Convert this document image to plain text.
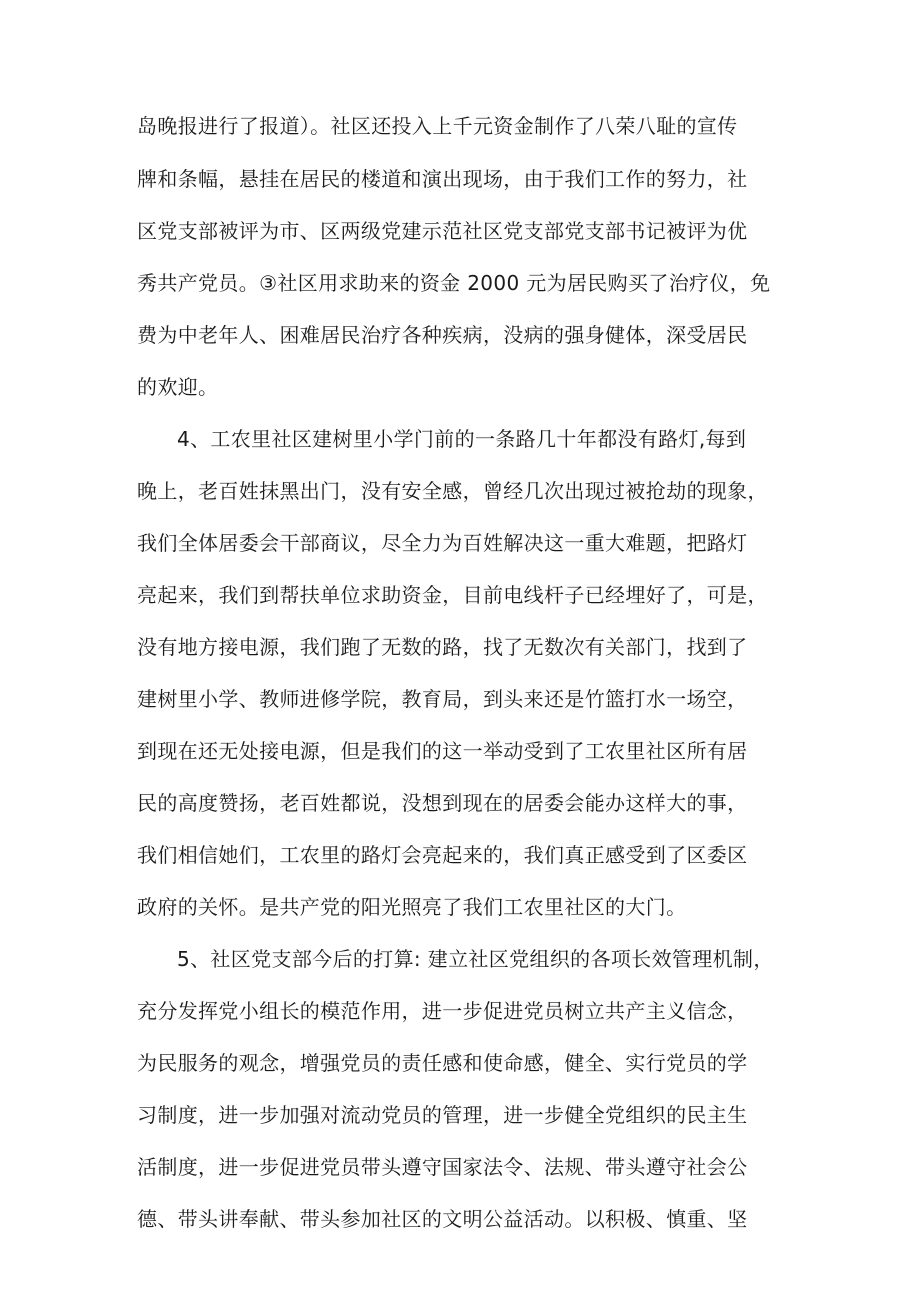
岛晚报进行了报道）。社区还投入上千元资金制作了八荣八耻的宣传
牌和条幅，悬挂在居民的楼道和演出现场，由于我们工作的努力，社
区党支部被评为市、区两级党建示范社区党支部党支部书记被评为优
秀共产党员。③社区用求助来的资金 2000 元为居民购买了治疗仪，免
费为中老年人、困难居民治疗各种疾病，没病的强身健体，深受居民
的欢迎。
4、工农里社区建树里小学门前的一条路几十年都没有路灯,每到
晚上，老百姓抹黑出门，没有安全感，曾经几次出现过被抢劫的现象，
我们全体居委会干部商议，尽全力为百姓解决这一重大难题，把路灯
亮起来，我们到帮扶单位求助资金，目前电线杆子已经埋好了，可是，
没有地方接电源，我们跑了无数的路，找了无数次有关部门，找到了
建树里小学、教师进修学院，教育局，到头来还是竹篮打水一场空，
到现在还无处接电源，但是我们的这一举动受到了工农里社区所有居
民的高度赞扬，老百姓都说，没想到现在的居委会能办这样大的事，
我们相信她们，工农里的路灯会亮起来的，我们真正感受到了区委区
政府的关怀。是共产党的阳光照亮了我们工农里社区的大门。
5、社区党支部今后的打算: 建立社区党组织的各项长效管理机制，
充分发挥党小组长的模范作用，进一步促进党员树立共产主义信念，
为民服务的观念，增强党员的责任感和使命感，健全、实行党员的学
习制度，进一步加强对流动党员的管理，进一步健全党组织的民主生
活制度，进一步促进党员带头遵守国家法令、法规、带头遵守社会公
德、带头讲奉献、带头参加社区的文明公益活动。以积极、慎重、坚
